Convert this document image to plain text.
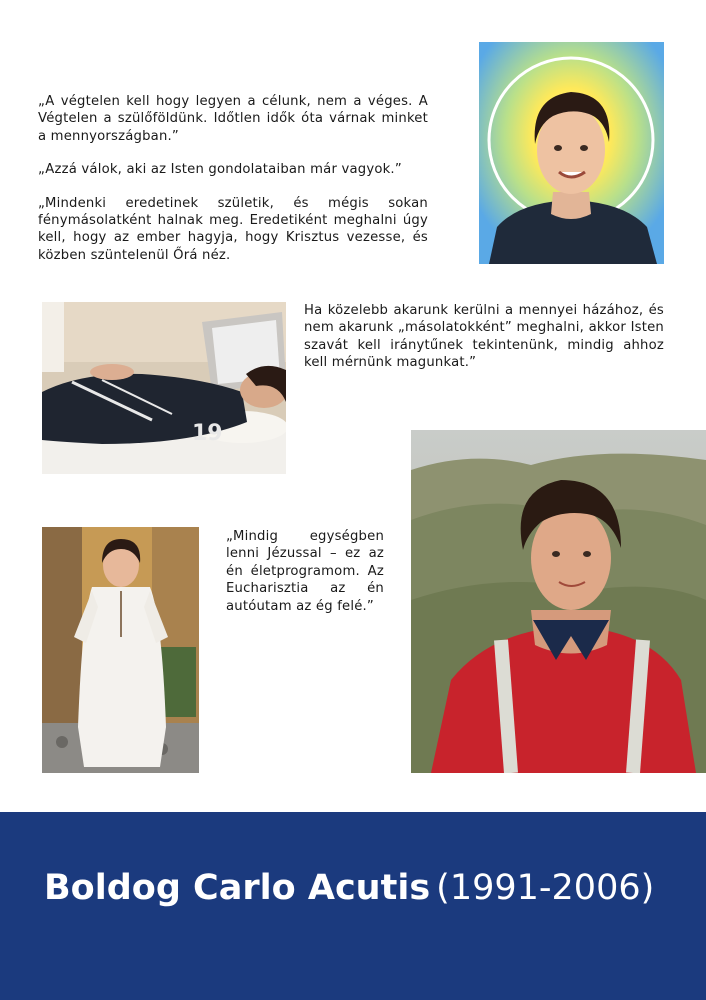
„A végtelen kell hogy legyen a célunk, nem a véges. A Végtelen a szülőföldünk. Időtlen idők óta várnak minket a mennyországban.”

„Azzá válok, aki az Isten gondolataiban már vagyok.”

„Mindenki eredetinek születik, és mégis sokan fénymásolatként halnak meg. Eredetiként meghalni úgy kell, hogy az ember hagyja, hogy Krisztus vezesse, és közben szüntelenül Őrá néz.

19

Ha közelebb akarunk kerülni a mennyei házához, és nem akarunk „másolatokként” meghalni, akkor Isten szavát kell iránytűnek tekintenünk, mindig ahhoz kell mérnünk magunkat.”

„Mindig egységben lenni Jézussal – ez az én életprogramom. Az Eucharisztia az én autóutam az ég felé.”

Boldog Carlo Acutis (1991-2006)
